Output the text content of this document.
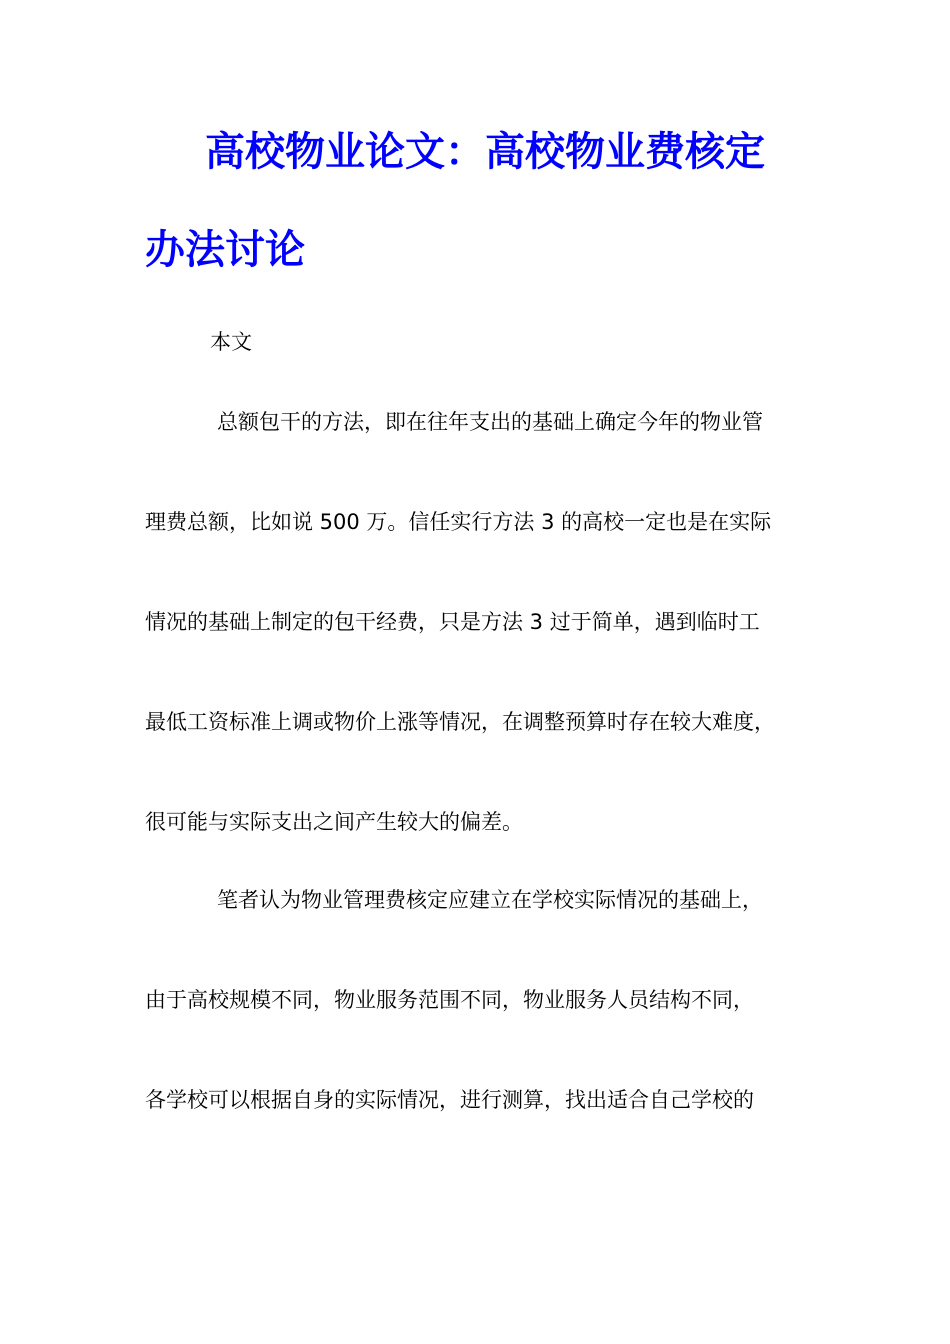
高校物业论文：高校物业费核定
办法讨论
本文
总额包干的方法，即在往年支出的基础上确定今年的物业管
理费总额，比如说 500 万。信任实行方法 3 的高校一定也是在实际
情况的基础上制定的包干经费，只是方法 3 过于简单，遇到临时工
最低工资标准上调或物价上涨等情况，在调整预算时存在较大难度，
很可能与实际支出之间产生较大的偏差。
笔者认为物业管理费核定应建立在学校实际情况的基础上，
由于高校规模不同，物业服务范围不同，物业服务人员结构不同，
各学校可以根据自身的实际情况，进行测算，找出适合自己学校的
